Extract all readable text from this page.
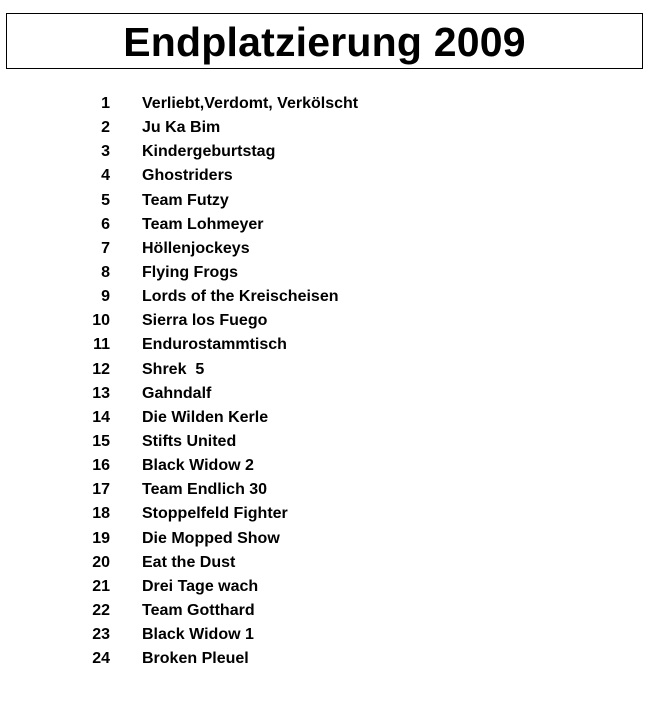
Endplatzierung 2009
1 Verliebt,Verdomt, Verkölscht
2 Ju Ka Bim
3 Kindergeburtstag
4 Ghostriders
5 Team Futzy
6 Team Lohmeyer
7 Höllenjockeys
8 Flying Frogs
9 Lords of the Kreischeisen
10 Sierra los Fuego
11 Endurostammtisch
12 Shrek  5
13 Gahndalf
14 Die Wilden Kerle
15 Stifts United
16 Black Widow 2
17 Team Endlich 30
18 Stoppelfeld Fighter
19 Die Mopped Show
20 Eat the Dust
21 Drei Tage wach
22 Team Gotthard
23 Black Widow 1
24 Broken Pleuel
